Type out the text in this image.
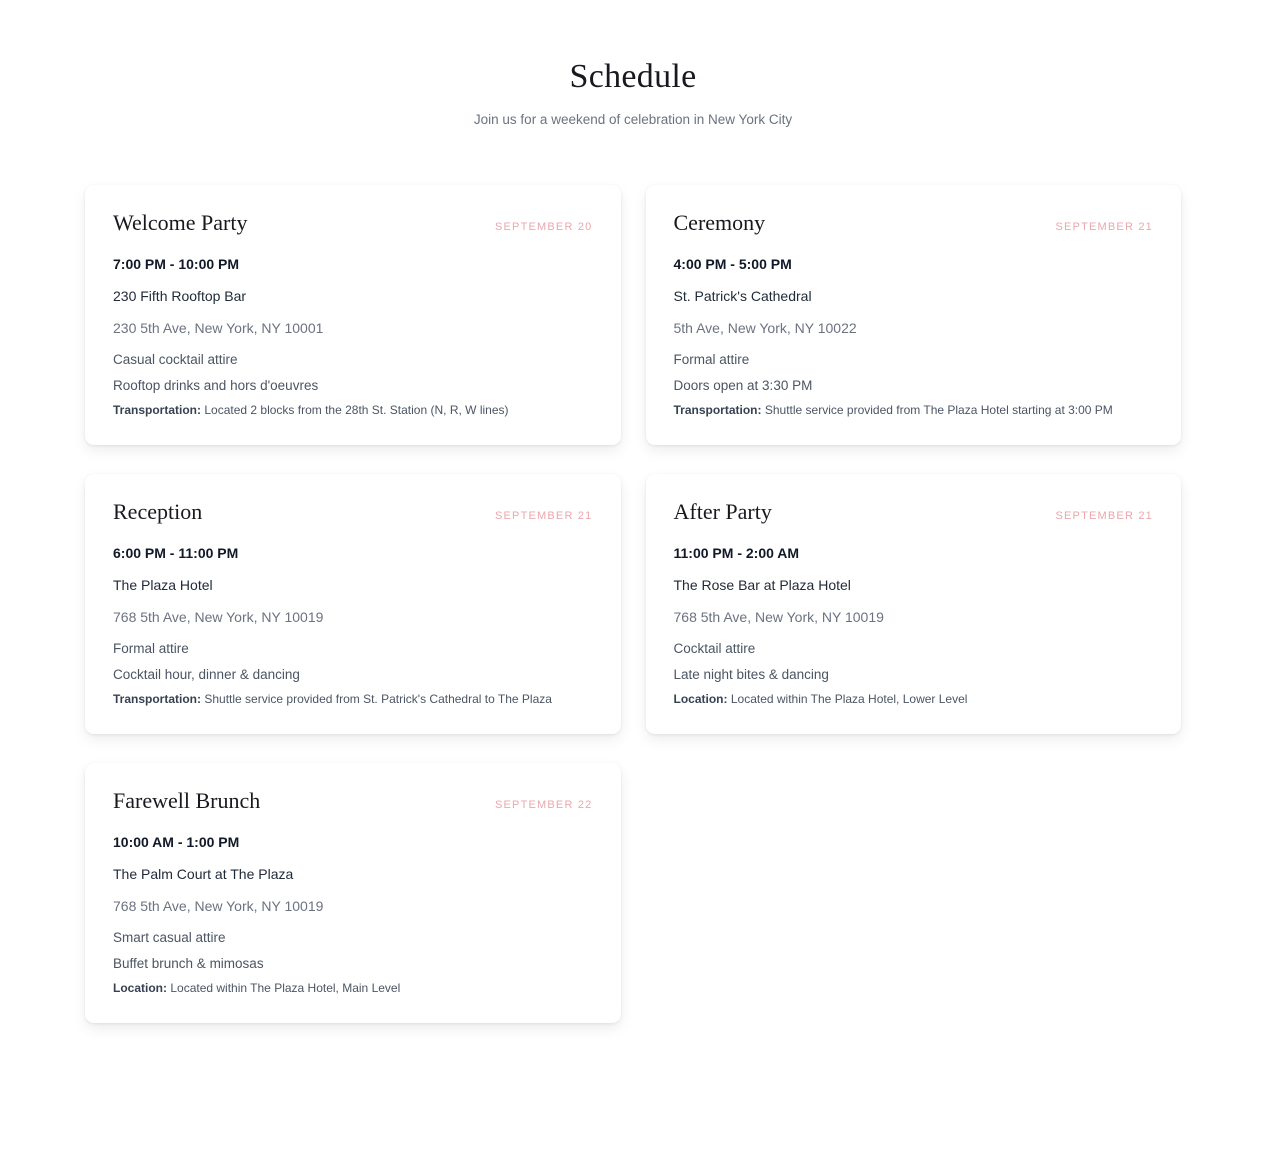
Schedule

Join us for a weekend of celebration in New York City

Welcome Party	SEPTEMBER 20
7:00 PM - 10:00 PM
230 Fifth Rooftop Bar
230 5th Ave, New York, NY 10001
Casual cocktail attire
Rooftop drinks and hors d'oeuvres
Transportation: Located 2 blocks from the 28th St. Station (N, R, W lines)
Ceremony	SEPTEMBER 21
4:00 PM - 5:00 PM
St. Patrick's Cathedral
5th Ave, New York, NY 10022
Formal attire
Doors open at 3:30 PM
Transportation: Shuttle service provided from The Plaza Hotel starting at 3:00 PM
Reception	SEPTEMBER 21
6:00 PM - 11:00 PM
The Plaza Hotel
768 5th Ave, New York, NY 10019
Formal attire
Cocktail hour, dinner & dancing
Transportation: Shuttle service provided from St. Patrick's Cathedral to The Plaza
After Party	SEPTEMBER 21
11:00 PM - 2:00 AM
The Rose Bar at Plaza Hotel
768 5th Ave, New York, NY 10019
Cocktail attire
Late night bites & dancing
Location: Located within The Plaza Hotel, Lower Level
Farewell Brunch	SEPTEMBER 22
10:00 AM - 1:00 PM
The Palm Court at The Plaza
768 5th Ave, New York, NY 10019
Smart casual attire
Buffet brunch & mimosas
Location: Located within The Plaza Hotel, Main Level
